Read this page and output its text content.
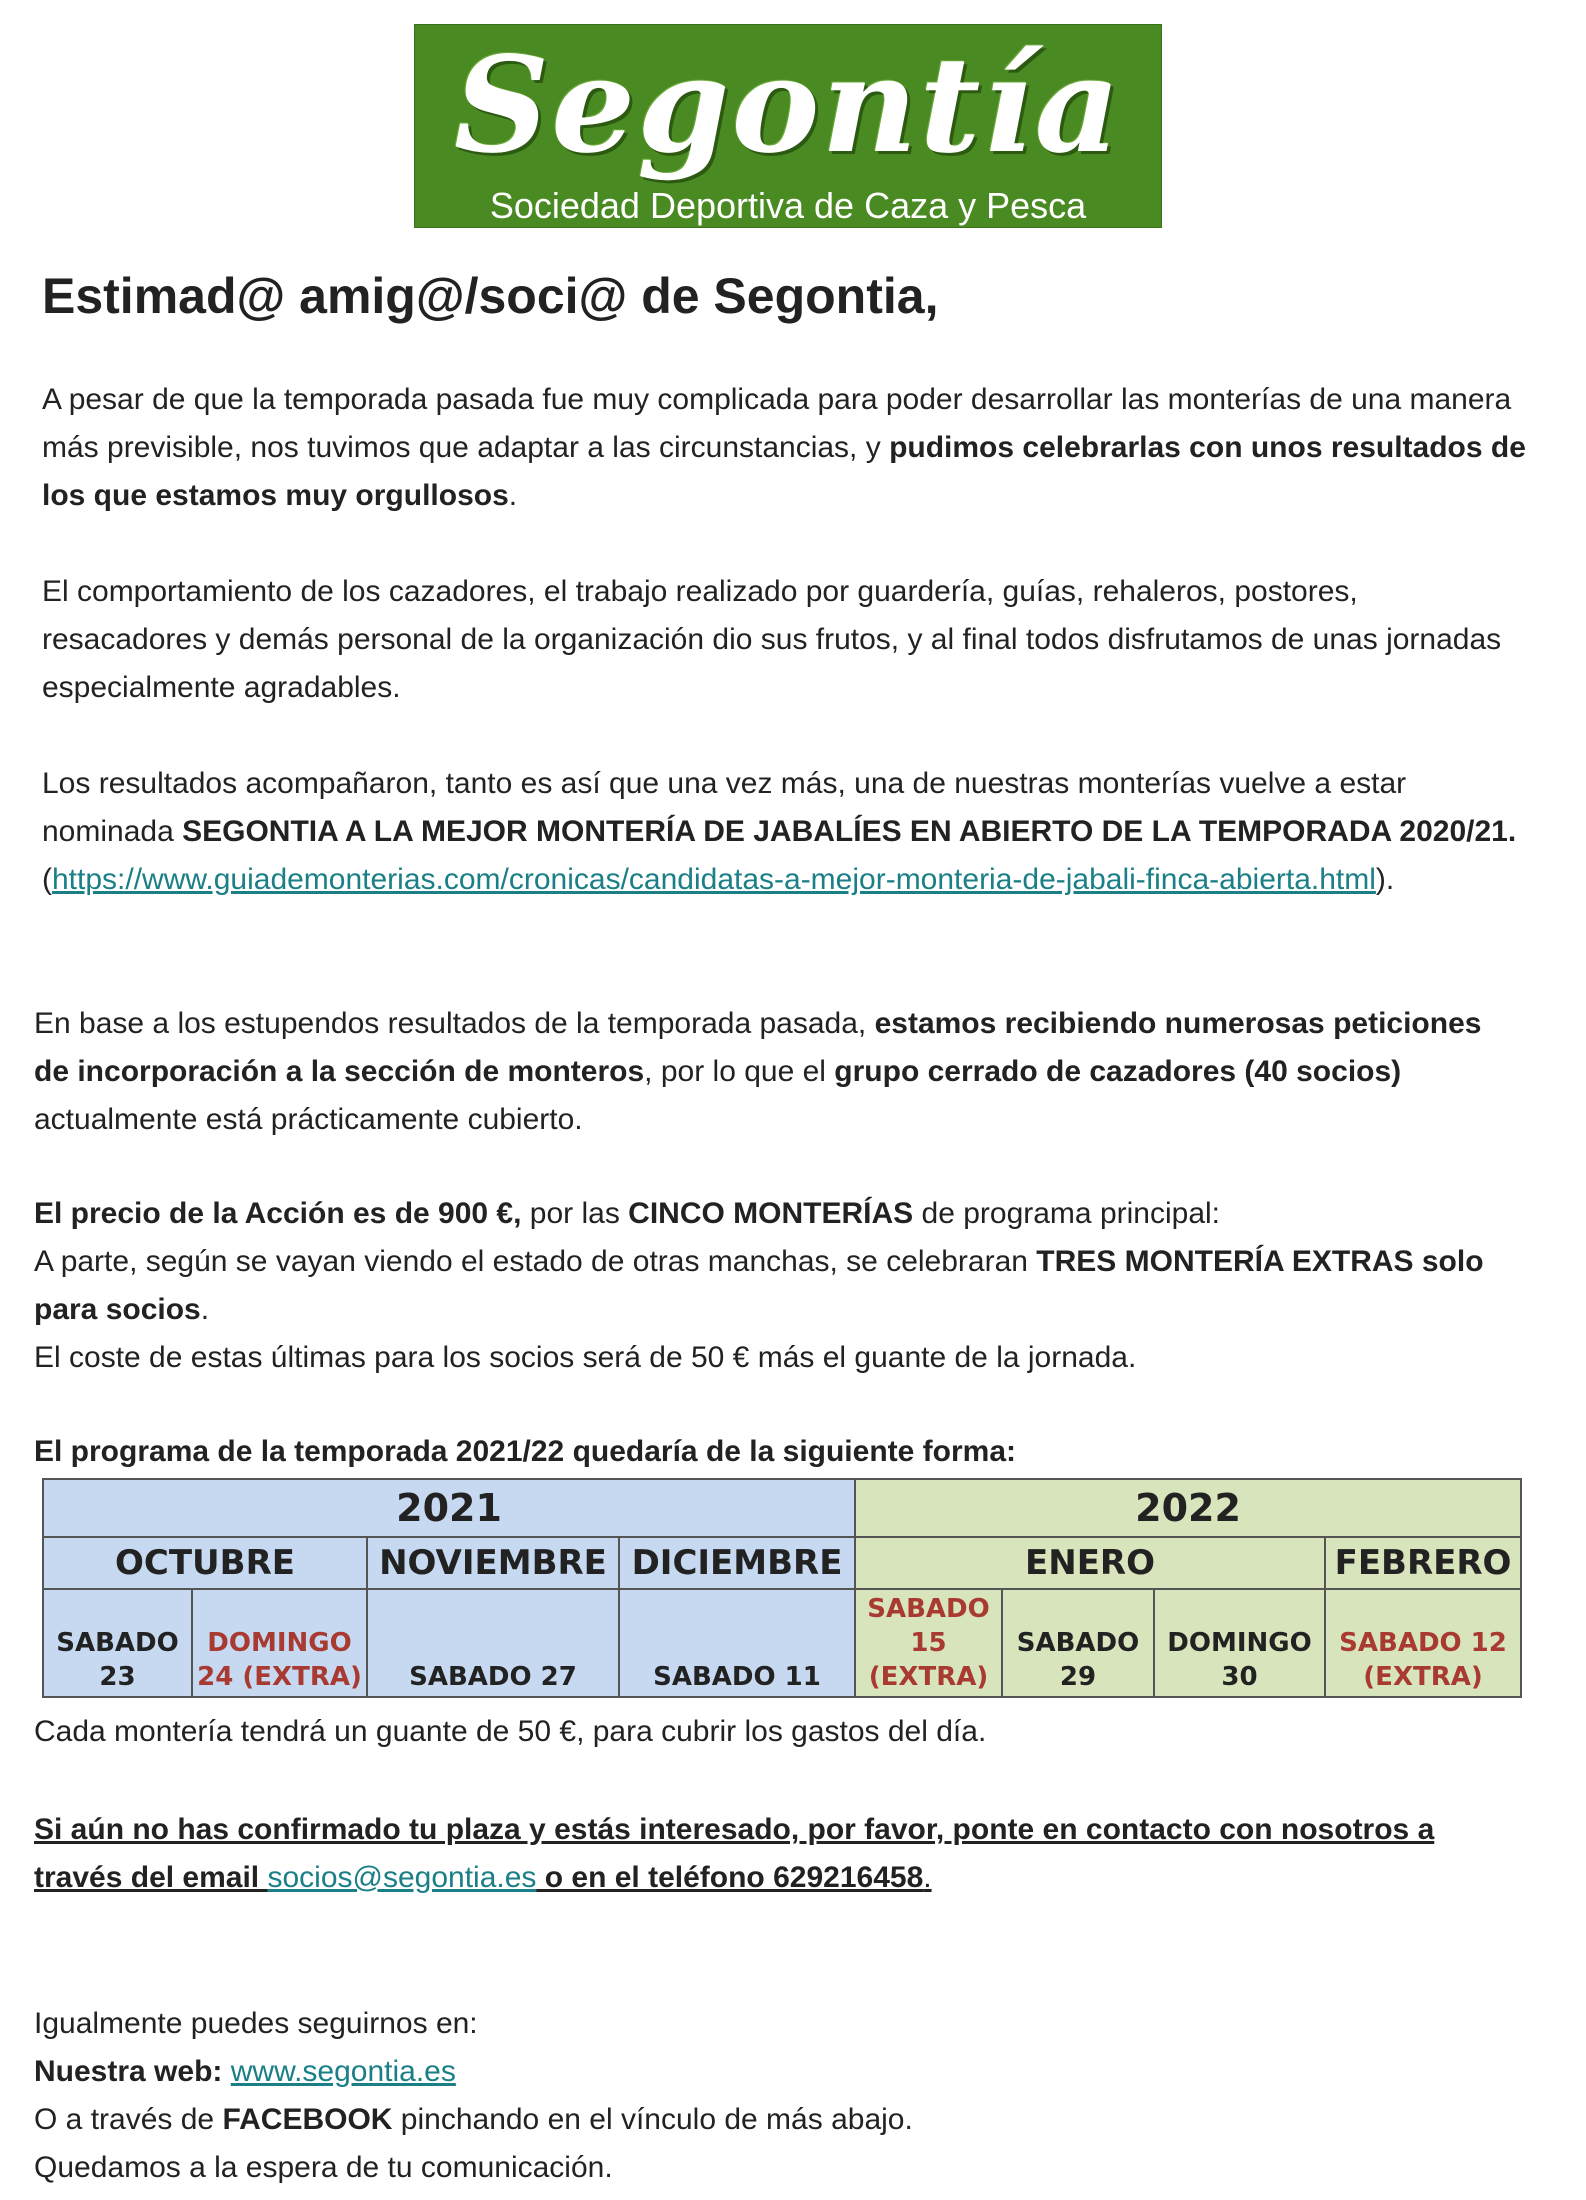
Segontía
Sociedad Deportiva de Caza y Pesca
Estimad@ amig@/soci@ de Segontia,

A pesar de que la temporada pasada fue muy complicada para poder desarrollar las monterías de una manera más previsible, nos tuvimos que adaptar a las circunstancias, y pudimos celebrarlas con unos resultados de los que estamos muy orgullosos.

El comportamiento de los cazadores, el trabajo realizado por guardería, guías, rehaleros, postores, resacadores y demás personal de la organización dio sus frutos, y al final todos disfrutamos de unas jornadas especialmente agradables.

Los resultados acompañaron, tanto es así que una vez más, una de nuestras monterías vuelve a estar nominada SEGONTIA A LA MEJOR MONTERÍA DE JABALÍES EN ABIERTO DE LA TEMPORADA 2020/21. (https://www.guiademonterias.com/cronicas/candidatas-a-mejor-monteria-de-jabali-finca-abierta.html).

En base a los estupendos resultados de la temporada pasada, estamos recibiendo numerosas peticiones de incorporación a la sección de monteros, por lo que el grupo cerrado de cazadores (40 socios) actualmente está prácticamente cubierto.

El precio de la Acción es de 900 €, por las CINCO MONTERÍAS de programa principal:
A parte, según se vayan viendo el estado de otras manchas, se celebraran TRES MONTERÍA EXTRAS solo para socios.
El coste de estas últimas para los socios será de 50 € más el guante de la jornada.

El programa de la temporada 2021/22 quedaría de la siguiente forma:

2021				2022			
OCTUBRE		NOVIEMBRE	DICIEMBRE	ENERO			FEBRERO
SABADO 23	DOMINGO 24 (EXTRA)	SABADO 27	SABADO 11	SABADO 15 (EXTRA)	SABADO 29	DOMINGO 30	SABADO 12 (EXTRA)

Cada montería tendrá un guante de 50 €, para cubrir los gastos del día.

Si aún no has confirmado tu plaza y estás interesado, por favor, ponte en contacto con nosotros a través del email socios@segontia.es o en el teléfono 629216458.

Igualmente puedes seguirnos en:
Nuestra web: www.segontia.es
O a través de FACEBOOK pinchando en el vínculo de más abajo.
Quedamos a la espera de tu comunicación.
